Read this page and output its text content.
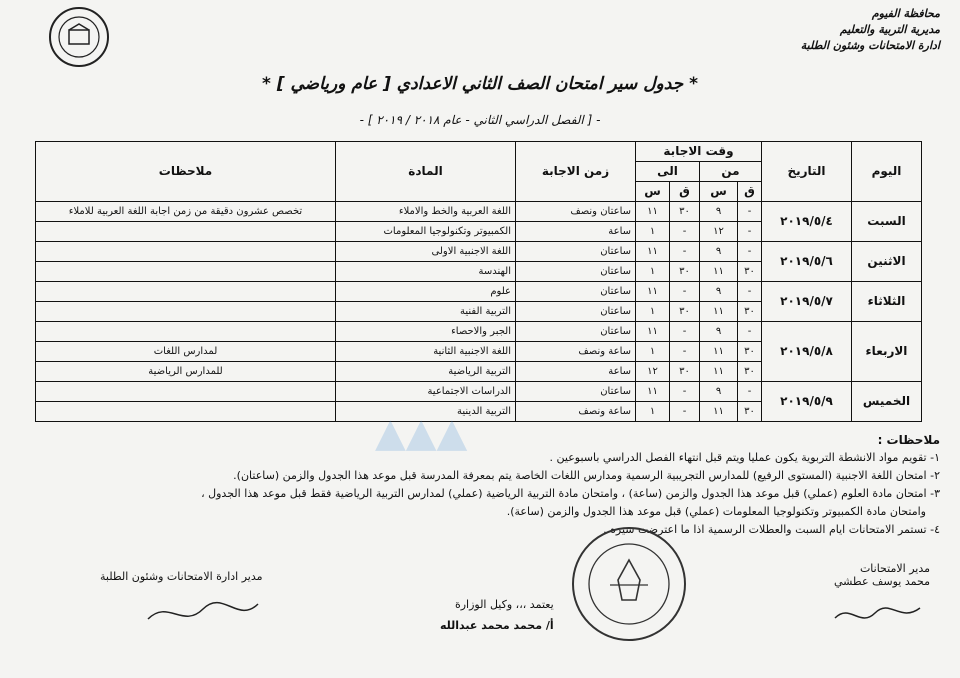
محافظة الفيوم
مديرية التربية والتعليم
ادارة الامتحانات وشئون الطلبة
* جدول سير امتحان الصف الثاني الاعدادي [ عام ورياضي ] *
- [ الفصل الدراسي الثاني - عام ٢٠١٨ / ٢٠١٩ ] -
اليوم	التاريخ	وقت الاجابة				زمن الاجابة	المادة	ملاحظات
		من		الى				
		ق	س	ق	س			
السبت	٢٠١٩/٥/٤	-	٩	٣٠	١١	ساعتان ونصف	اللغة العربية والخط والاملاء	تخصص عشرون دقيقة من زمن اجابة اللغة العربية للاملاء
		-	١٢	-	١	ساعة	الكمبيوتر وتكنولوجيا المعلومات	
الاثنين	٢٠١٩/٥/٦	-	٩	-	١١	ساعتان	اللغة الاجنبية الاولى	
		٣٠	١١	٣٠	١	ساعتان	الهندسة	
الثلاثاء	٢٠١٩/٥/٧	-	٩	-	١١	ساعتان	علوم	
		٣٠	١١	٣٠	١	ساعتان	التربية الفنية	
الاربعاء	٢٠١٩/٥/٨	-	٩	-	١١	ساعتان	الجبر والاحصاء	
		٣٠	١١	-	١	ساعة ونصف	اللغة الاجنبية الثانية	لمدارس اللغات
		٣٠	١١	٣٠	١٢	ساعة	التربية الرياضية	للمدارس الرياضية
الخميس	٢٠١٩/٥/٩	-	٩	-	١١	ساعتان	الدراسات الاجتماعية	
		٣٠	١١	-	١	ساعة ونصف	التربية الدينية	
▲▲▲	ملاحظات :
١- تقويم مواد الانشطة التربوية يكون عمليا ويتم قبل انتهاء الفصل الدراسي باسبوعين .
٢- امتحان اللغة الاجنبية (المستوى الرفيع) للمدارس التجريبية الرسمية ومدارس اللغات الخاصة يتم بمعرفة المدرسة قبل موعد هذا الجدول والزمن (ساعتان).
٣- امتحان مادة العلوم (عملي) قبل موعد هذا الجدول والزمن (ساعة) ، وامتحان مادة التربية الرياضية (عملي) لمدارس التربية الرياضية فقط قبل موعد هذا الجدول ،
وامتحان مادة الكمبيوتر وتكنولوجيا المعلومات (عملي) قبل موعد هذا الجدول والزمن (ساعة).
٤- تستمر الامتحانات ايام السبت والعطلات الرسمية اذا ما اعترضت سيره .
مدير الامتحانات
محمد يوسف عطشي
يعتمد ،،، وكيل الوزارة
أ/ محمد محمد عبدالله
مدير ادارة الامتحانات وشئون الطلبة
